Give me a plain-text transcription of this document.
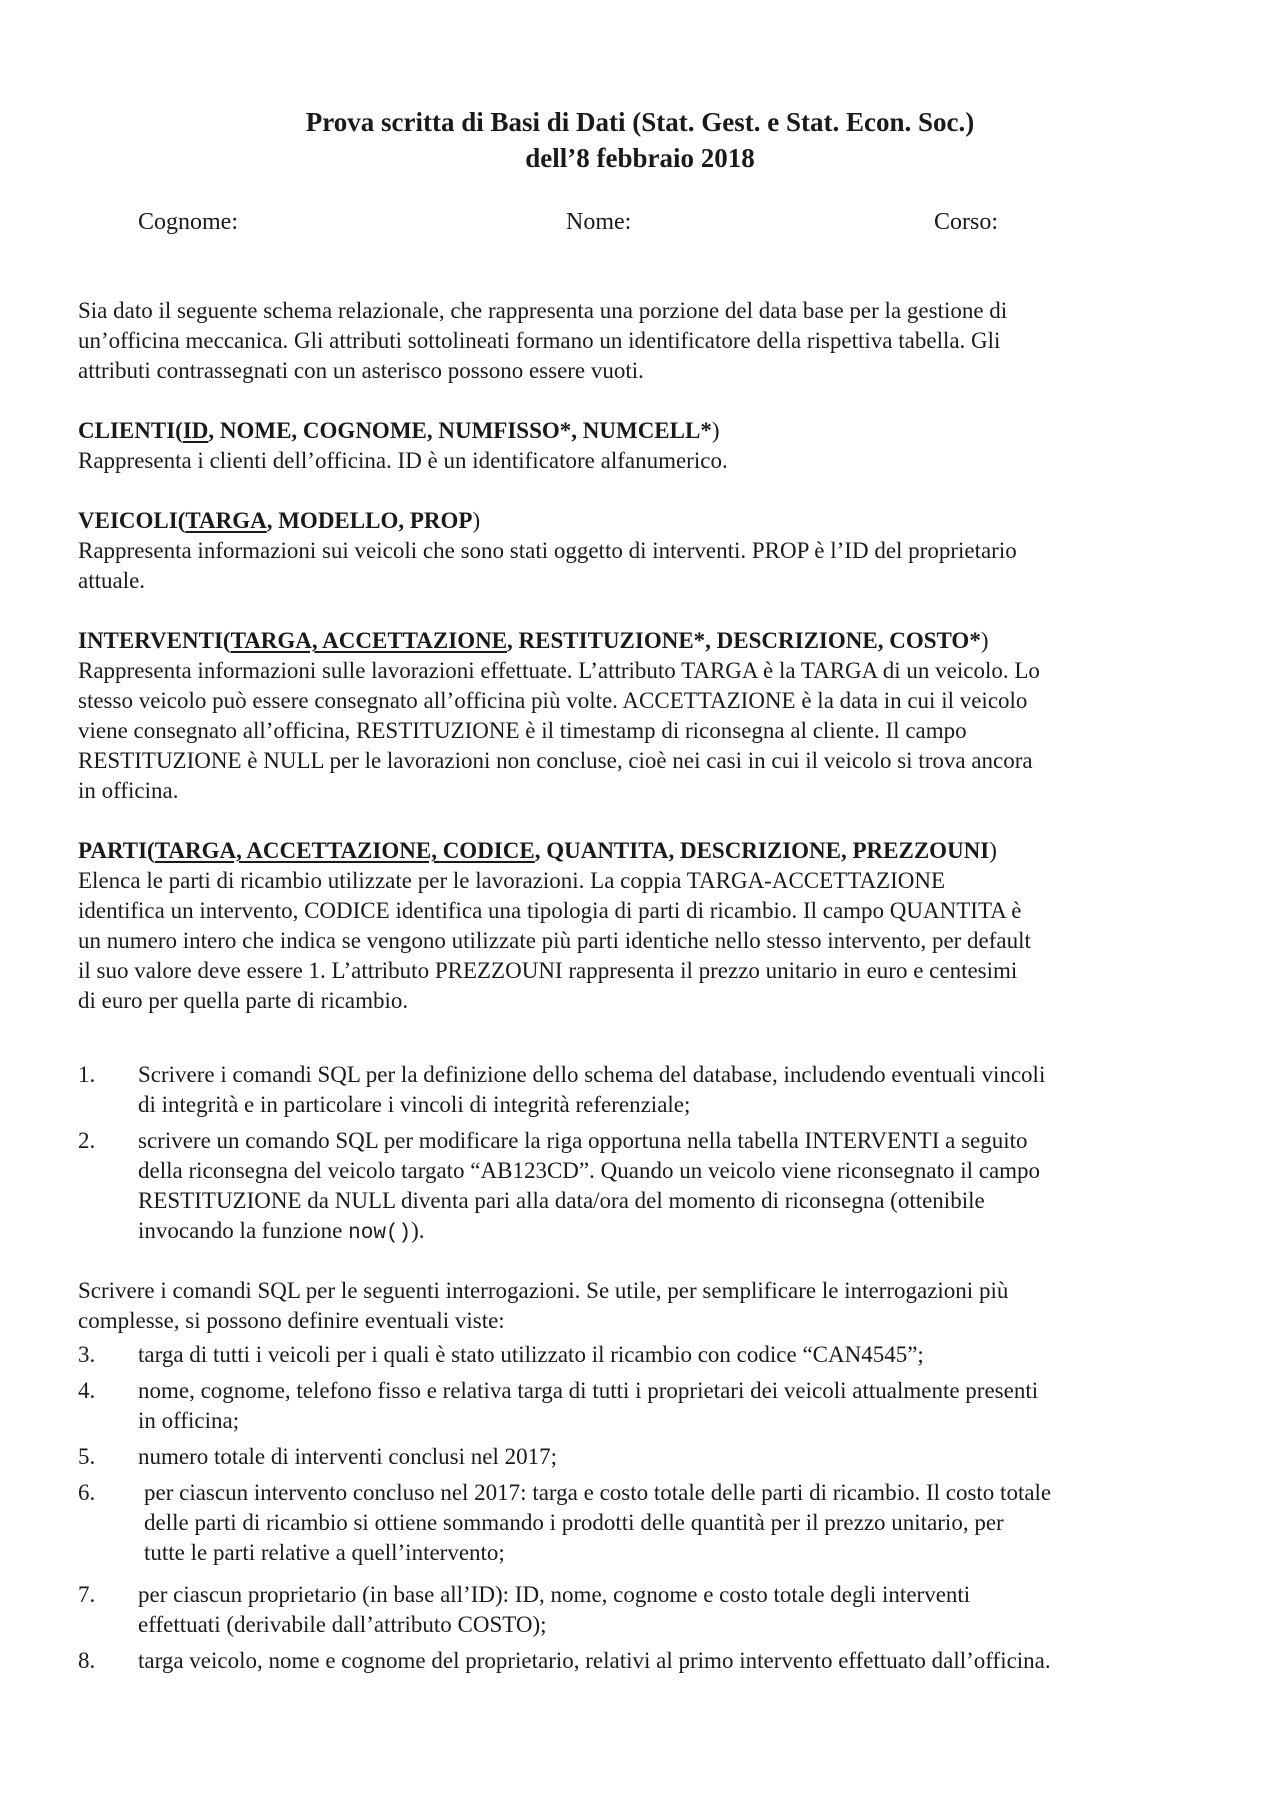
Prova scritta di Basi di Dati (Stat. Gest. e Stat. Econ. Soc.)
dell’8 febbraio 2018
Cognome:	Nome:	Corso:
Sia dato il seguente schema relazionale, che rappresenta una porzione del data base per la gestione di
un’officina meccanica. Gli attributi sottolineati formano un identificatore della rispettiva tabella. Gli
attributi contrassegnati con un asterisco possono essere vuoti.
CLIENTI(ID, NOME, COGNOME, NUMFISSO*, NUMCELL*)
Rappresenta i clienti dell’officina. ID è un identificatore alfanumerico.
VEICOLI(TARGA, MODELLO, PROP)
Rappresenta informazioni sui veicoli che sono stati oggetto di interventi. PROP è l’ID del proprietario
attuale.
INTERVENTI(TARGA, ACCETTAZIONE, RESTITUZIONE*, DESCRIZIONE, COSTO*)
Rappresenta informazioni sulle lavorazioni effettuate. L’attributo TARGA è la TARGA di un veicolo. Lo
stesso veicolo può essere consegnato all’officina più volte. ACCETTAZIONE è la data in cui il veicolo
viene consegnato all’officina, RESTITUZIONE è il timestamp di riconsegna al cliente. Il campo
RESTITUZIONE è NULL per le lavorazioni non concluse, cioè nei casi in cui il veicolo si trova ancora
in officina.
PARTI(TARGA, ACCETTAZIONE, CODICE, QUANTITA, DESCRIZIONE, PREZZOUNI)
Elenca le parti di ricambio utilizzate per le lavorazioni. La coppia TARGA-ACCETTAZIONE
identifica un intervento, CODICE identifica una tipologia di parti di ricambio. Il campo QUANTITA è
un numero intero che indica se vengono utilizzate più parti identiche nello stesso intervento, per default
il suo valore deve essere 1. L’attributo PREZZOUNI rappresenta il prezzo unitario in euro e centesimi
di euro per quella parte di ricambio.
1.	Scrivere i comandi SQL per la definizione dello schema del database, includendo eventuali vincoli
di integrità e in particolare i vincoli di integrità referenziale;
2.	scrivere un comando SQL per modificare la riga opportuna nella tabella INTERVENTI a seguito
della riconsegna del veicolo targato “AB123CD”. Quando un veicolo viene riconsegnato il campo
RESTITUZIONE da NULL diventa pari alla data/ora del momento di riconsegna (ottenibile
invocando la funzione now()).
Scrivere i comandi SQL per le seguenti interrogazioni. Se utile, per semplificare le interrogazioni più
complesse, si possono definire eventuali viste:
3.	targa di tutti i veicoli per i quali è stato utilizzato il ricambio con codice “CAN4545”;
4.	nome, cognome, telefono fisso e relativa targa di tutti i proprietari dei veicoli attualmente presenti
in officina;
5.	numero totale di interventi conclusi nel 2017;
6.	per ciascun intervento concluso nel 2017: targa e costo totale delle parti di ricambio. Il costo totale
delle parti di ricambio si ottiene sommando i prodotti delle quantità per il prezzo unitario, per
tutte le parti relative a quell’intervento;
7.	per ciascun proprietario (in base all’ID): ID, nome, cognome e costo totale degli interventi
effettuati (derivabile dall’attributo COSTO);
8.	targa veicolo, nome e cognome del proprietario, relativi al primo intervento effettuato dall’officina.
